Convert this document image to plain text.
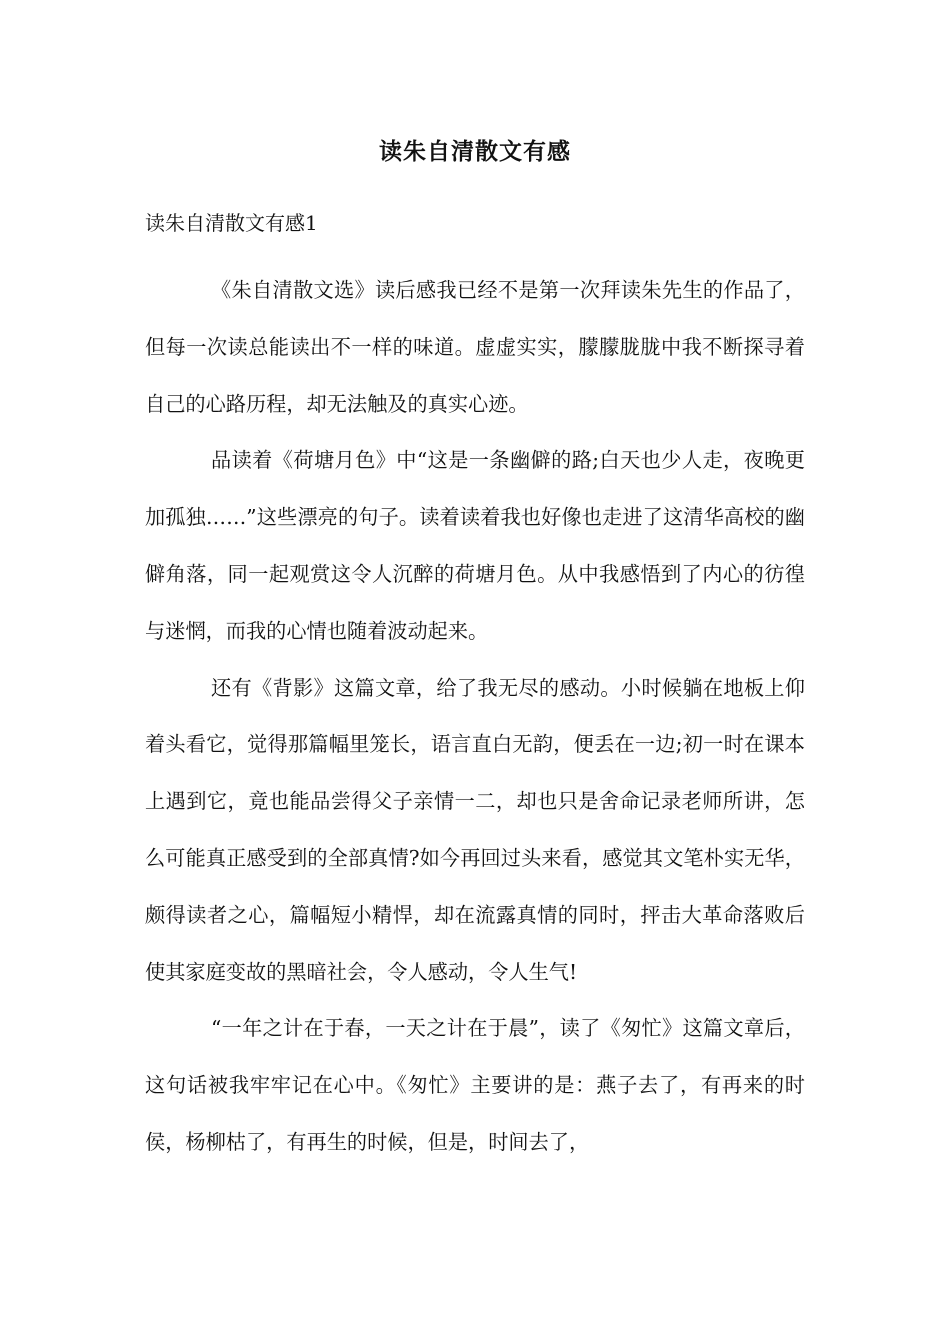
读朱自清散文有感
读朱自清散文有感1

《朱自清散文选》读后感我已经不是第一次拜读朱先生的作品了，但每一次读总能读出不一样的味道。虚虚实实，朦朦胧胧中我不断探寻着自己的心路历程，却无法触及的真实心迹。

品读着《荷塘月色》中“这是一条幽僻的路;白天也少人走，夜晚更加孤独……”这些漂亮的句子。读着读着我也好像也走进了这清华高校的幽僻角落，同一起观赏这令人沉醉的荷塘月色。从中我感悟到了内心的彷徨与迷惘，而我的心情也随着波动起来。

还有《背影》这篇文章，给了我无尽的感动。小时候躺在地板上仰着头看它，觉得那篇幅里笼长，语言直白无韵，便丢在一边;初一时在课本上遇到它，竟也能品尝得父子亲情一二，却也只是舍命记录老师所讲，怎么可能真正感受到的全部真情?如今再回过头来看，感觉其文笔朴实无华，颇得读者之心，篇幅短小精悍，却在流露真情的同时，抨击大革命落败后使其家庭变故的黑暗社会，令人感动，令人生气!

“一年之计在于春，一天之计在于晨”，读了《匆忙》这篇文章后，这句话被我牢牢记在心中。《匆忙》主要讲的是：燕子去了，有再来的时侯，杨柳枯了，有再生的时候，但是，时间去了，
